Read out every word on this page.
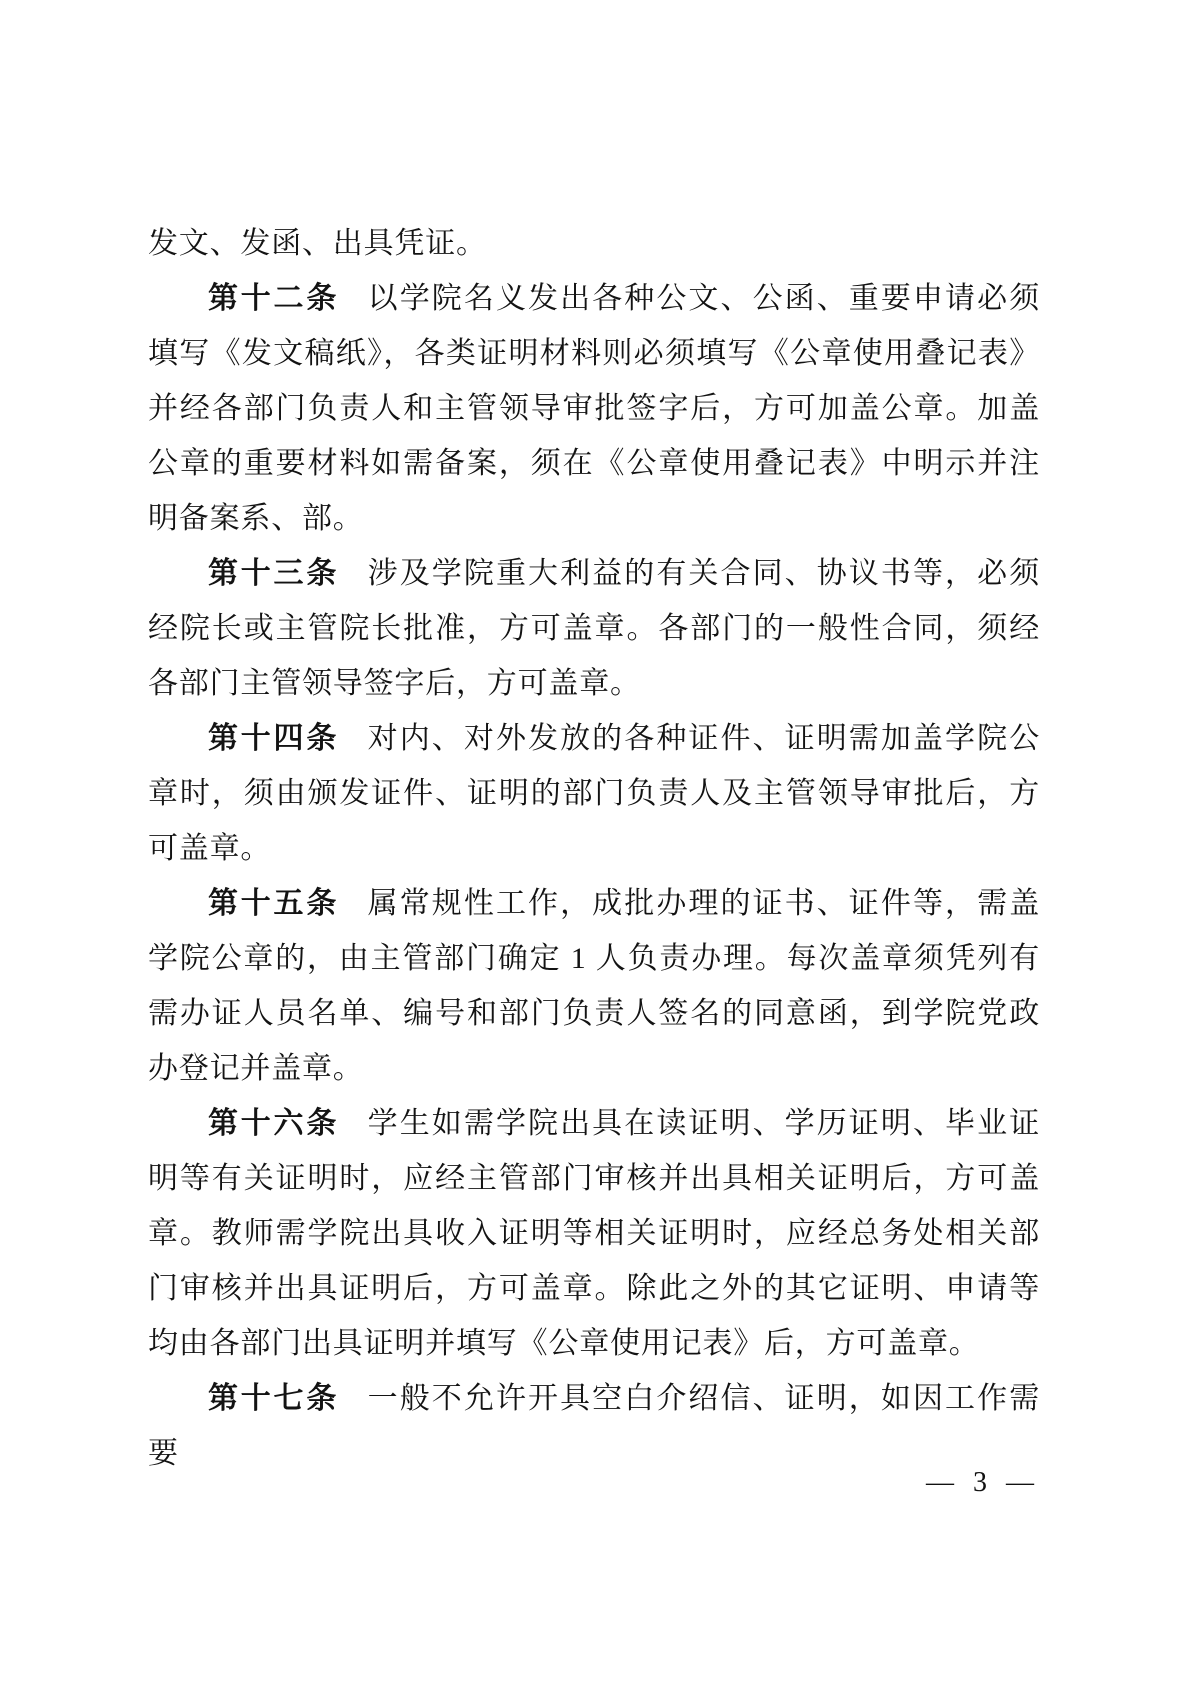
发文、发函、出具凭证。

第十二条 以学院名义发出各种公文、公函、重要申请必须填写《发文稿纸》，各类证明材料则必须填写《公章使用叠记表》并经各部门负责人和主管领导审批签字后，方可加盖公章。加盖公章的重要材料如需备案，须在《公章使用叠记表》中明示并注明备案系、部。

第十三条 涉及学院重大利益的有关合同、协议书等，必须经院长或主管院长批准，方可盖章。各部门的一般性合同，须经各部门主管领导签字后，方可盖章。

第十四条 对内、对外发放的各种证件、证明需加盖学院公章时，须由颁发证件、证明的部门负责人及主管领导审批后，方可盖章。

第十五条 属常规性工作，成批办理的证书、证件等，需盖学院公章的，由主管部门确定 1 人负责办理。每次盖章须凭列有需办证人员名单、编号和部门负责人签名的同意函，到学院党政办登记并盖章。

第十六条 学生如需学院出具在读证明、学历证明、毕业证明等有关证明时，应经主管部门审核并出具相关证明后，方可盖章。教师需学院出具收入证明等相关证明时，应经总务处相关部门审核并出具证明后，方可盖章。除此之外的其它证明、申请等均由各部门出具证明并填写《公章使用记表》后，方可盖章。

第十七条 一般不允许开具空白介绍信、证明，如因工作需要

— 3 —
